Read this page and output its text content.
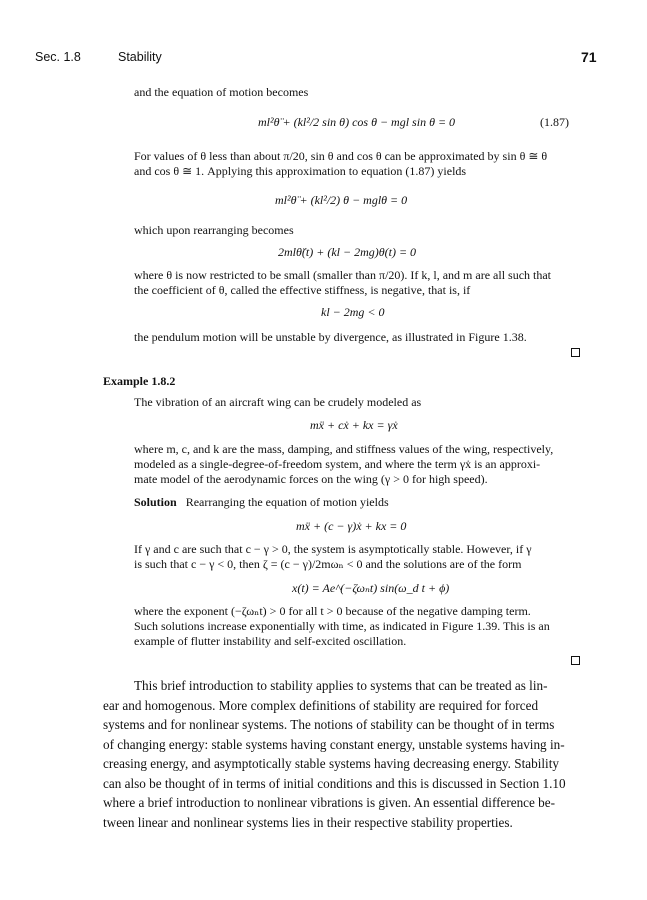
Sec. 1.8	Stability	71
and the equation of motion becomes
ml²θ̈ + (kl²/2 sin θ) cos θ − mgl sin θ = 0	(1.87)
For values of θ less than about π/20, sin θ and cos θ can be approximated by sin θ ≅ θ
and cos θ ≅ 1. Applying this approximation to equation (1.87) yields
ml²θ̈ + (kl²/2) θ − mglθ = 0
which upon rearranging becomes
2mlθ̈(t) + (kl − 2mg)θ(t) = 0
where θ is now restricted to be small (smaller than π/20). If k, l, and m are all such that
the coefficient of θ, called the effective stiffness, is negative, that is, if
kl − 2mg < 0
the pendulum motion will be unstable by divergence, as illustrated in Figure 1.38.
Example 1.8.2
The vibration of an aircraft wing can be crudely modeled as
mẍ + cẋ + kx = γẋ
where m, c, and k are the mass, damping, and stiffness values of the wing, respectively,
modeled as a single-degree-of-freedom system, and where the term γẋ is an approxi-
mate model of the aerodynamic forces on the wing (γ > 0 for high speed).
Solution Rearranging the equation of motion yields
mẍ + (c − γ)ẋ + kx = 0
If γ and c are such that c − γ > 0, the system is asymptotically stable. However, if γ
is such that c − γ < 0, then ζ = (c − γ)/2mωₙ < 0 and the solutions are of the form
x(t) = Ae^(−ζωₙt) sin(ω_d t + ϕ)
where the exponent (−ζωₙt) > 0 for all t > 0 because of the negative damping term.
Such solutions increase exponentially with time, as indicated in Figure 1.39. This is an
example of flutter instability and self-excited oscillation.
This brief introduction to stability applies to systems that can be treated as lin-
ear and homogenous. More complex definitions of stability are required for forced
systems and for nonlinear systems. The notions of stability can be thought of in terms
of changing energy: stable systems having constant energy, unstable systems having in-
creasing energy, and asymptotically stable systems having decreasing energy. Stability
can also be thought of in terms of initial conditions and this is discussed in Section 1.10
where a brief introduction to nonlinear vibrations is given. An essential difference be-
tween linear and nonlinear systems lies in their respective stability properties.
